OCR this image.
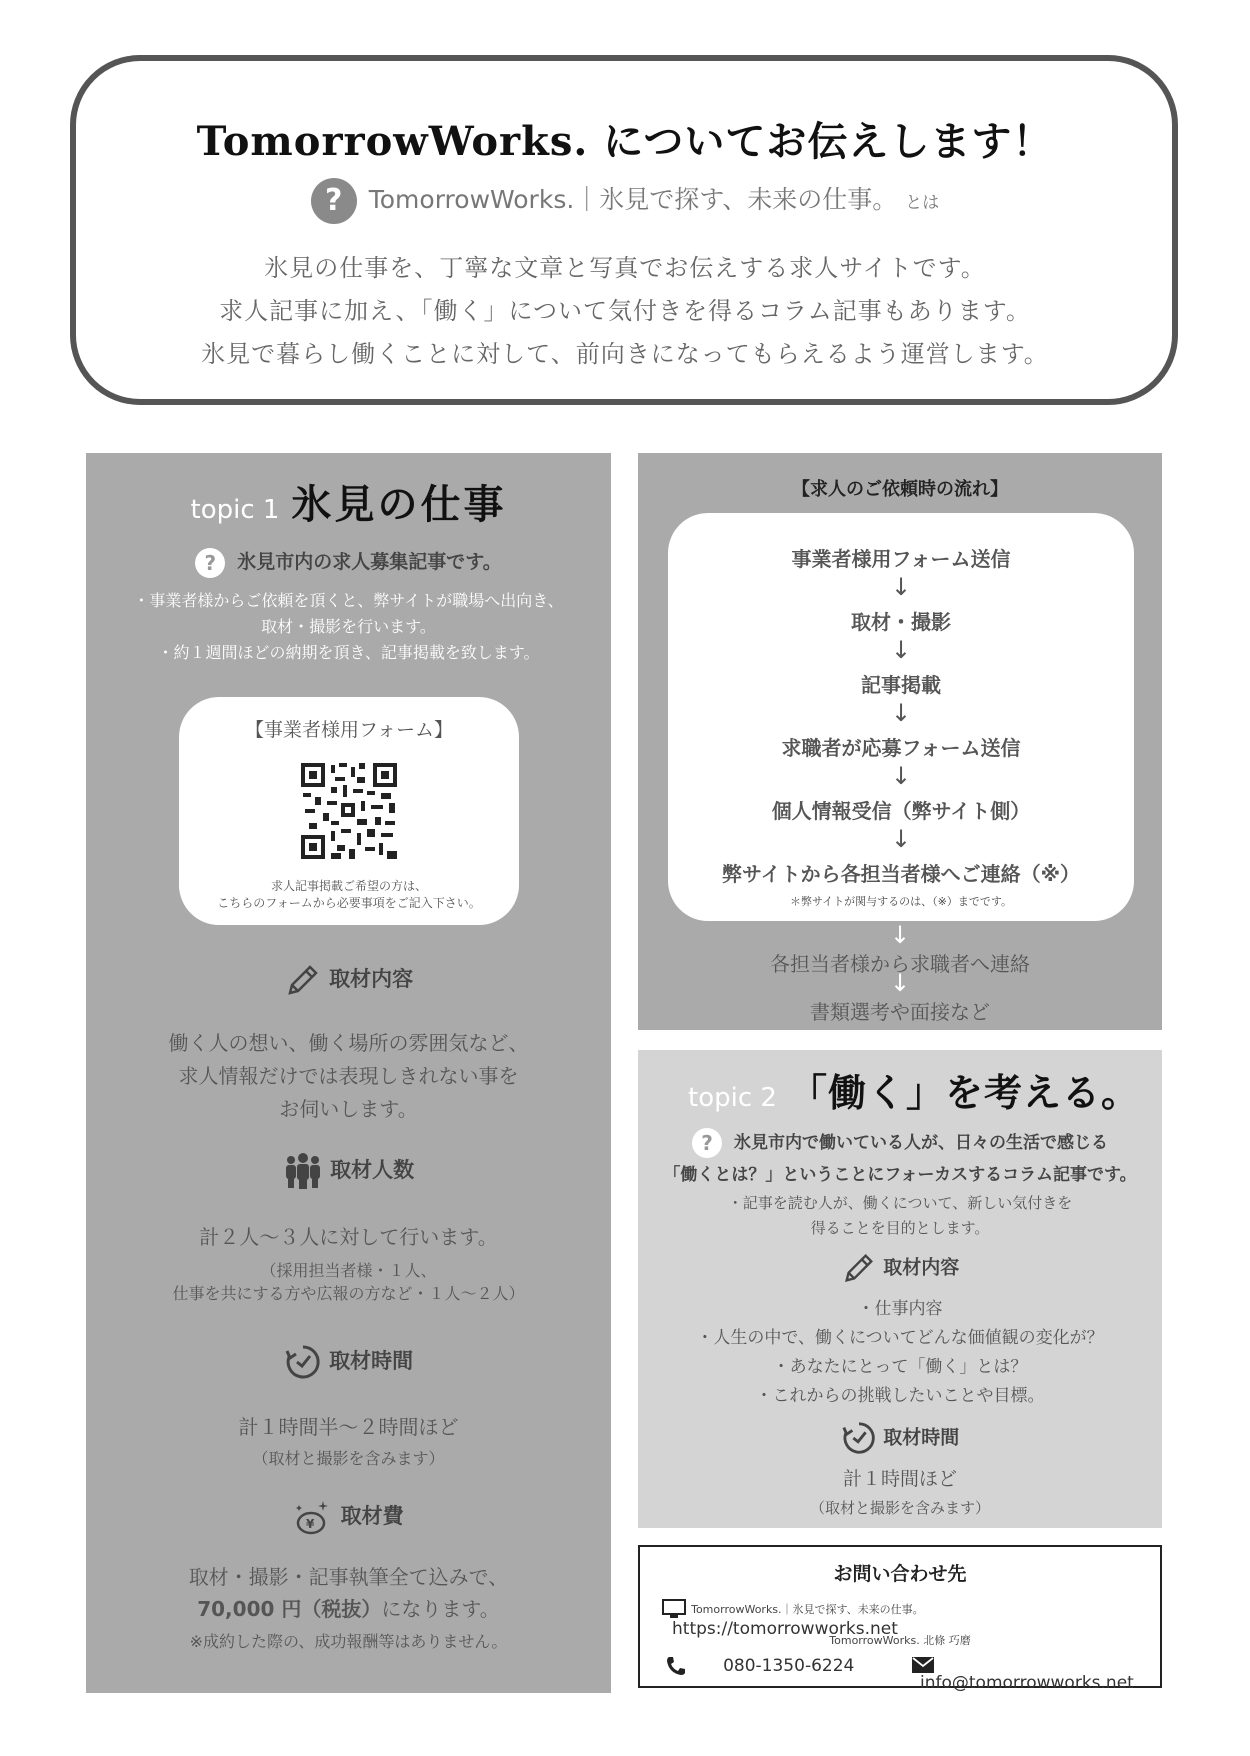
TomorrowWorks. についてお伝えします！
? TomorrowWorks.｜氷見で探す、未来の仕事。 とは
氷見の仕事を、丁寧な文章と写真でお伝えする求人サイトです。
求人記事に加え、「働く」について気付きを得るコラム記事もあります。
氷見で暮らし働くことに対して、前向きになってもらえるよう運営します。
topic 1 氷見の仕事
? 氷見市内の求人募集記事です。
・事業者様からご依頼を頂くと、弊サイトが職場へ出向き、
取材・撮影を行います。
・約１週間ほどの納期を頂き、記事掲載を致します。
【事業者様用フォーム】
求人記事掲載ご希望の方は、
こちらのフォームから必要事項をご記入下さい。
取材内容
働く人の想い、働く場所の雰囲気など、
求人情報だけでは表現しきれない事を
お伺いします。
取材人数
計２人〜３人に対して行います。
（採用担当者様・１人、
仕事を共にする方や広報の方など・１人〜２人）
取材時間
計１時間半〜２時間ほど
（取材と撮影を含みます）
¥ 取材費
取材・撮影・記事執筆全て込みで、
70,000 円（税抜）になります。
※成約した際の、成功報酬等はありません。
【求人のご依頼時の流れ】
事業者様用フォーム送信
↓
取材・撮影
↓
記事掲載
↓
求職者が応募フォーム送信
↓
個人情報受信（弊サイト側）
↓
弊サイトから各担当者様へご連絡（※）
＊弊サイトが関与するのは、（※）までです。
↓
各担当者様から求職者へ連絡
↓
書類選考や面接など
topic 2 「働く」を考える。
? 氷見市内で働いている人が、日々の生活で感じる
「働くとは？」ということにフォーカスするコラム記事です。
・記事を読む人が、働くについて、新しい気付きを
得ることを目的とします。
取材内容
・仕事内容
・人生の中で、働くについてどんな価値観の変化が？
・あなたにとって「働く」とは？
・これからの挑戦したいことや目標。
取材時間
計１時間ほど
（取材と撮影を含みます）
お問い合わせ先
TomorrowWorks.｜氷見で探す、未来の仕事。 https://tomorrowworks.net
TomorrowWorks. 北條 巧磨
080-1350-6224
info@tomorrowworks.net
